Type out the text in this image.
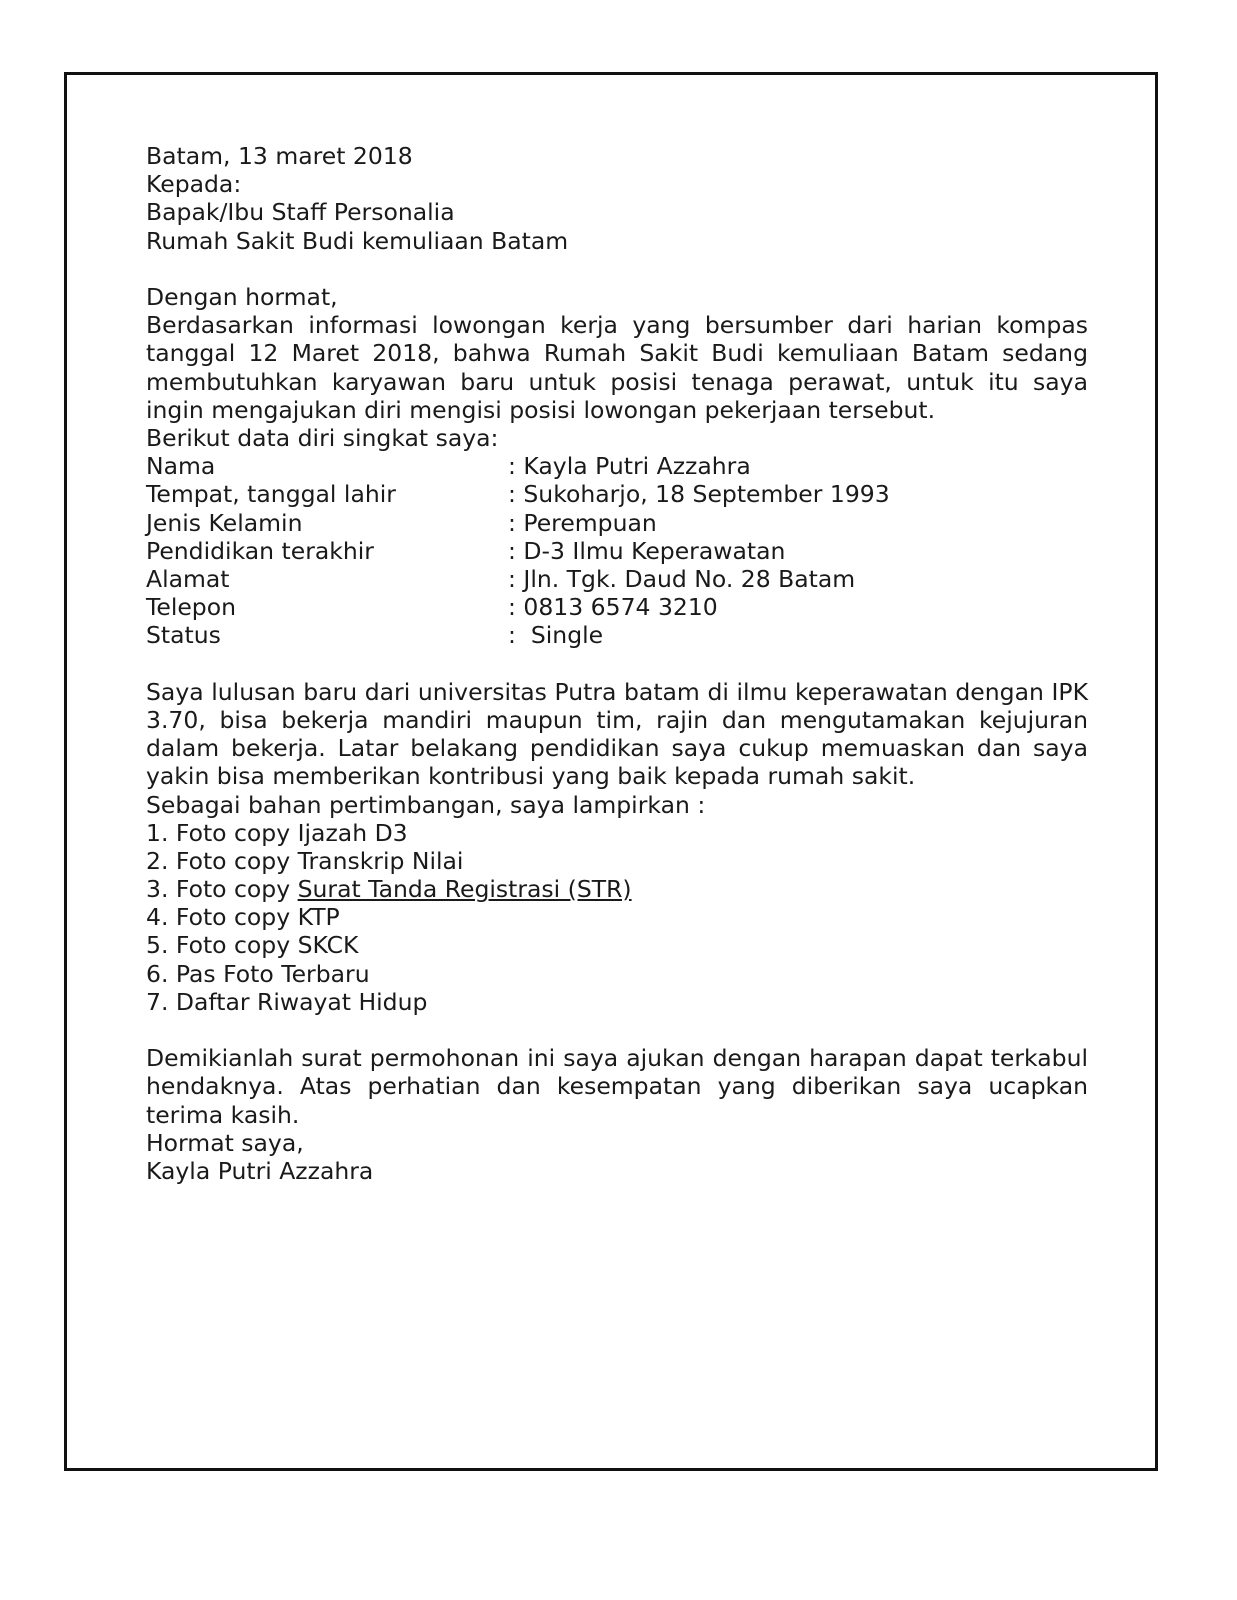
Batam, 13 maret 2018

Kepada:

Bapak/Ibu Staff Personalia

Rumah Sakit Budi kemuliaan Batam

Dengan hormat,

Berdasarkan informasi lowongan kerja yang bersumber dari harian kompas tanggal 12 Maret 2018, bahwa Rumah Sakit Budi kemuliaan Batam sedang membutuhkan karyawan baru untuk posisi tenaga perawat, untuk itu saya ingin mengajukan diri mengisi posisi lowongan pekerjaan tersebut.

Berikut data diri singkat saya:

Nama	: Kayla Putri Azzahra
Tempat, tanggal lahir	: Sukoharjo, 18 September 1993
Jenis Kelamin	: Perempuan
Pendidikan terakhir	: D-3 Ilmu Keperawatan
Alamat	: Jln. Tgk. Daud No. 28 Batam
Telepon	: 0813 6574 3210
Status	:  Single

Saya lulusan baru dari universitas Putra batam di ilmu keperawatan dengan IPK 3.70, bisa bekerja mandiri maupun tim, rajin dan mengutamakan kejujuran dalam bekerja. Latar belakang pendidikan saya cukup memuaskan dan saya yakin bisa memberikan kontribusi yang baik kepada rumah sakit.

Sebagai bahan pertimbangan, saya lampirkan :

1. Foto copy Ijazah D3
2. Foto copy Transkrip Nilai
3. Foto copy Surat Tanda Registrasi (STR)
4. Foto copy KTP
5. Foto copy SKCK
6. Pas Foto Terbaru
7. Daftar Riwayat Hidup

Demikianlah surat permohonan ini saya ajukan dengan harapan dapat terkabul hendaknya. Atas perhatian dan kesempatan yang diberikan saya ucapkan terima kasih.

Hormat saya,

Kayla Putri Azzahra
